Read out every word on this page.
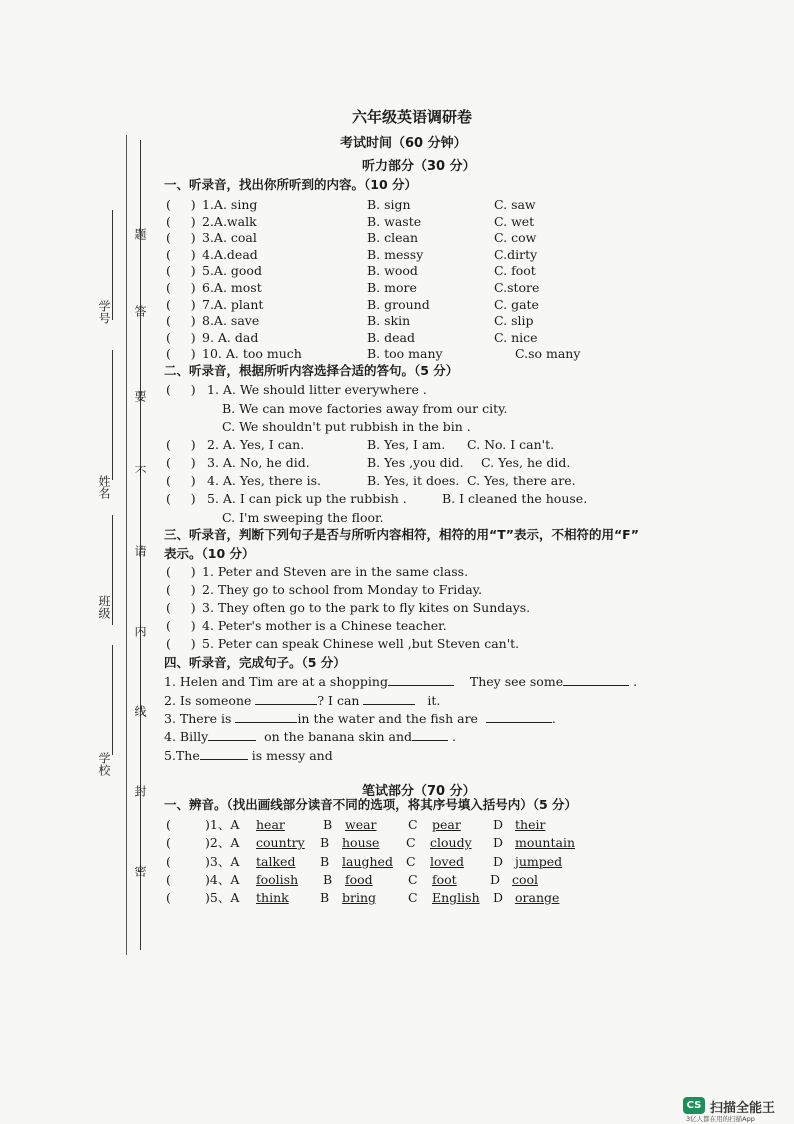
题
答
要
不
请
内
线
封
密
学号
姓名
班级
学校
六年级英语调研卷
考试时间（60 分钟）
听力部分（30 分）
一、听录音，找出你所听到的内容。（10 分）
(     ) 1.A. sing	B. sign	C. saw
(     ) 2.A.walk	B. waste	C. wet
(     ) 3.A. coal	B. clean	C. cow
(     ) 4.A.dead	B. messy	C.dirty
(     ) 5.A. good	B. wood	C. foot
(     ) 6.A. most	B. more	C.store
(     ) 7.A. plant	B. ground	C. gate
(     ) 8.A. save	B. skin	C. slip
(     ) 9. A. dad	B. dead	C. nice
(     ) 10. A. too much	B. too many	C.so many
二、听录音，根据所听内容选择合适的答句。（5 分）
(     ) 1. A. We should litter everywhere .
B. We can move factories away from our city.
C. We shouldn't put rubbish in the bin .
(     ) 2. A. Yes, I can.	B. Yes, I am. C. No. I can't.
(     ) 3. A. No, he did.	B. Yes ,you did. C. Yes, he did.
(     ) 4. A. Yes, there is.	B. Yes, it does. C. Yes, there are.
(     ) 5. A. I can pick up the rubbish .	B. I cleaned the house.
C. I'm sweeping the floor.
三、听录音，判断下列句子是否与所听内容相符，相符的用“T”表示，不相符的用“F”
表示。（10 分）
(     ) 1. Peter and Steven are in the same class.
(     ) 2. They go to school from Monday to Friday.
(     ) 3. They often go to the park to fly kites on Sundays.
(     ) 4. Peter's mother is a Chinese teacher.
(     ) 5. Peter can speak Chinese well ,but Steven can't.
四、听录音，完成句子。（5 分）
1. Helen and Tim are at a shopping	They see some	.
2. Is someone	? I can	it.
3. There is	in the water and the fish are	.
4. Billy	on the banana skin and	.
5.The	is messy and
笔试部分（70 分）
一、辨音。（找出画线部分读音不同的选项，将其序号填入括号内）（5 分）
( )1、A hear	B wear	C pear	D their
( )2、A country B house C cloudy D mountain
( )3、A talked B laughed C loved D jumped
( )4、A foolish B food	C foot	D cool
( )5、A think	B bring	C English D orange
CS 扫描全能王
3亿人都在用的扫描App
